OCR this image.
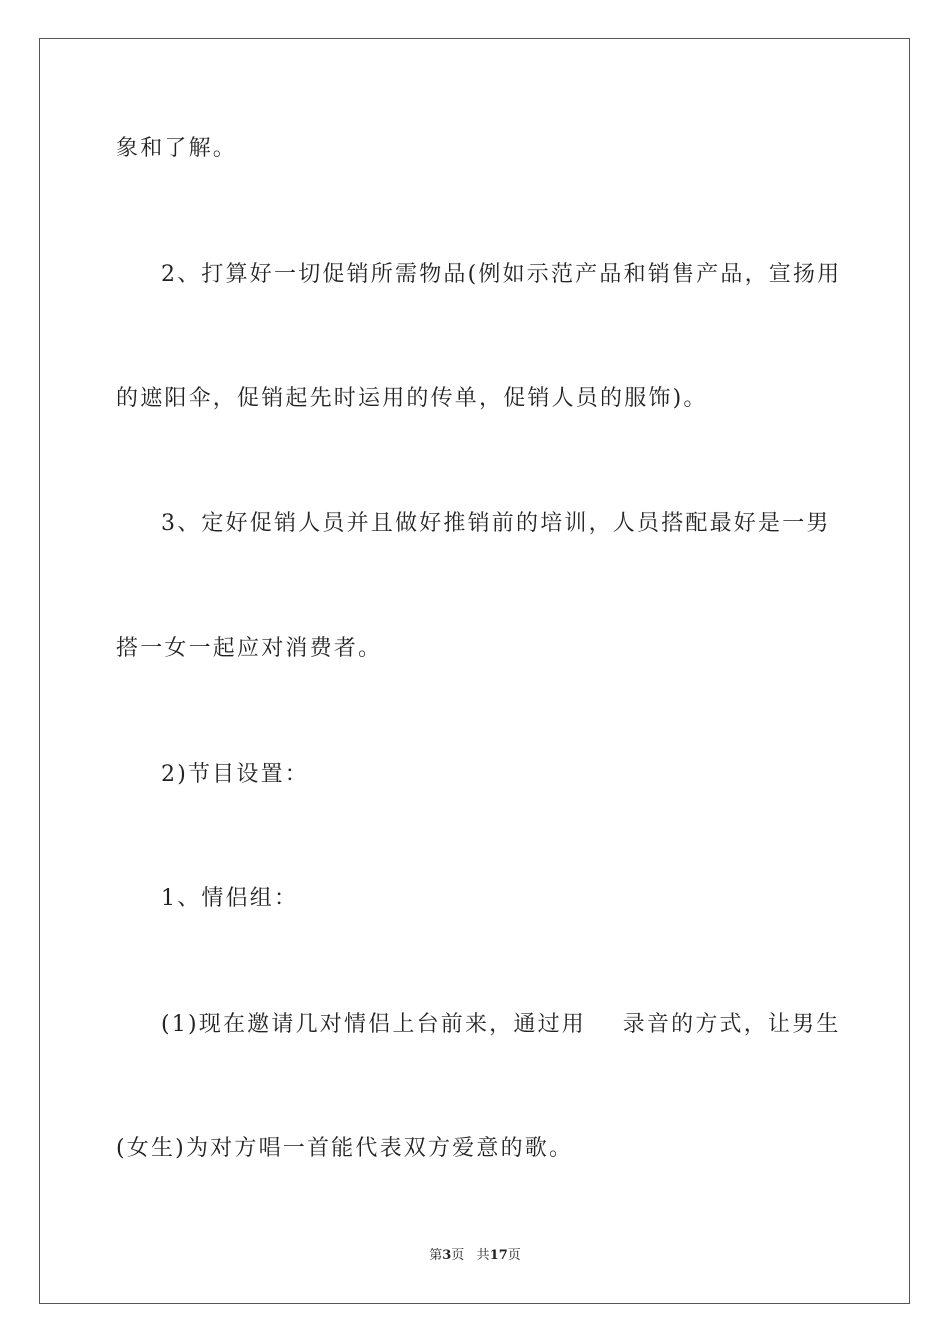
象和了解。
2、打算好一切促销所需物品(例如示范产品和销售产品，宣扬用
的遮阳伞，促销起先时运用的传单，促销人员的服饰)。
3、定好促销人员并且做好推销前的培训，人员搭配最好是一男
搭一女一起应对消费者。
2)节目设置：
1、情侣组：
(1)现在邀请几对情侣上台前来，通过用    录音的方式，让男生
(女生)为对方唱一首能代表双方爱意的歌。
第3页 共17页
